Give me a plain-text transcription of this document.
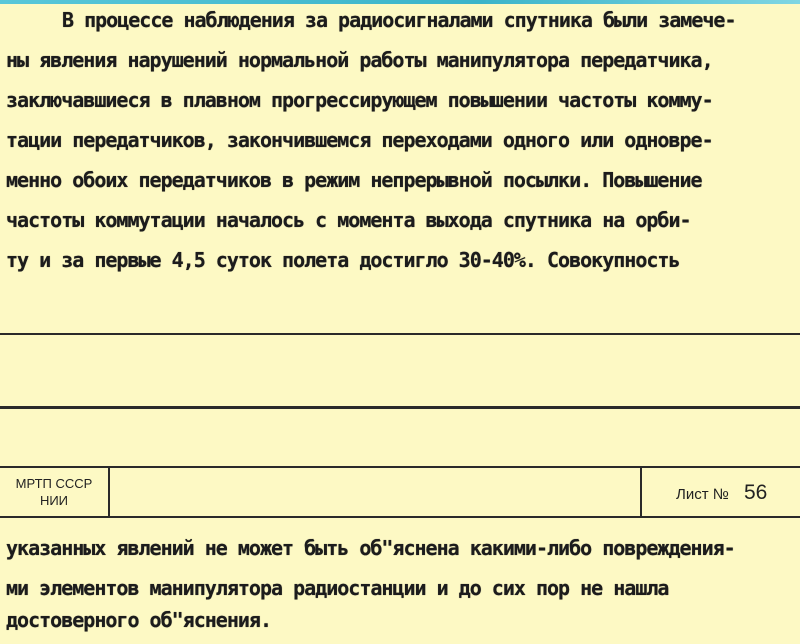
В процессе наблюдения за радиосигналами спутника были замече-
ны явления нарушений нормальной работы манипулятора передатчика,
заключавшиеся в плавном прогрессирующем повышении частоты комму-
тации передатчиков, закончившемся переходами одного или одновре-
менно обоих передатчиков в режим непрерывной посылки. Повышение
частоты коммутации началось с момента выхода спутника на орби-
ту и за первые 4,5 суток полета достигло 30-40%. Совокупность
МРТП СССР
НИИ	Лист № 56
указанных явлений не может быть об"яснена какими-либо повреждения-
ми элементов манипулятора радиостанции и до сих пор не нашла
достоверного об"яснения.
